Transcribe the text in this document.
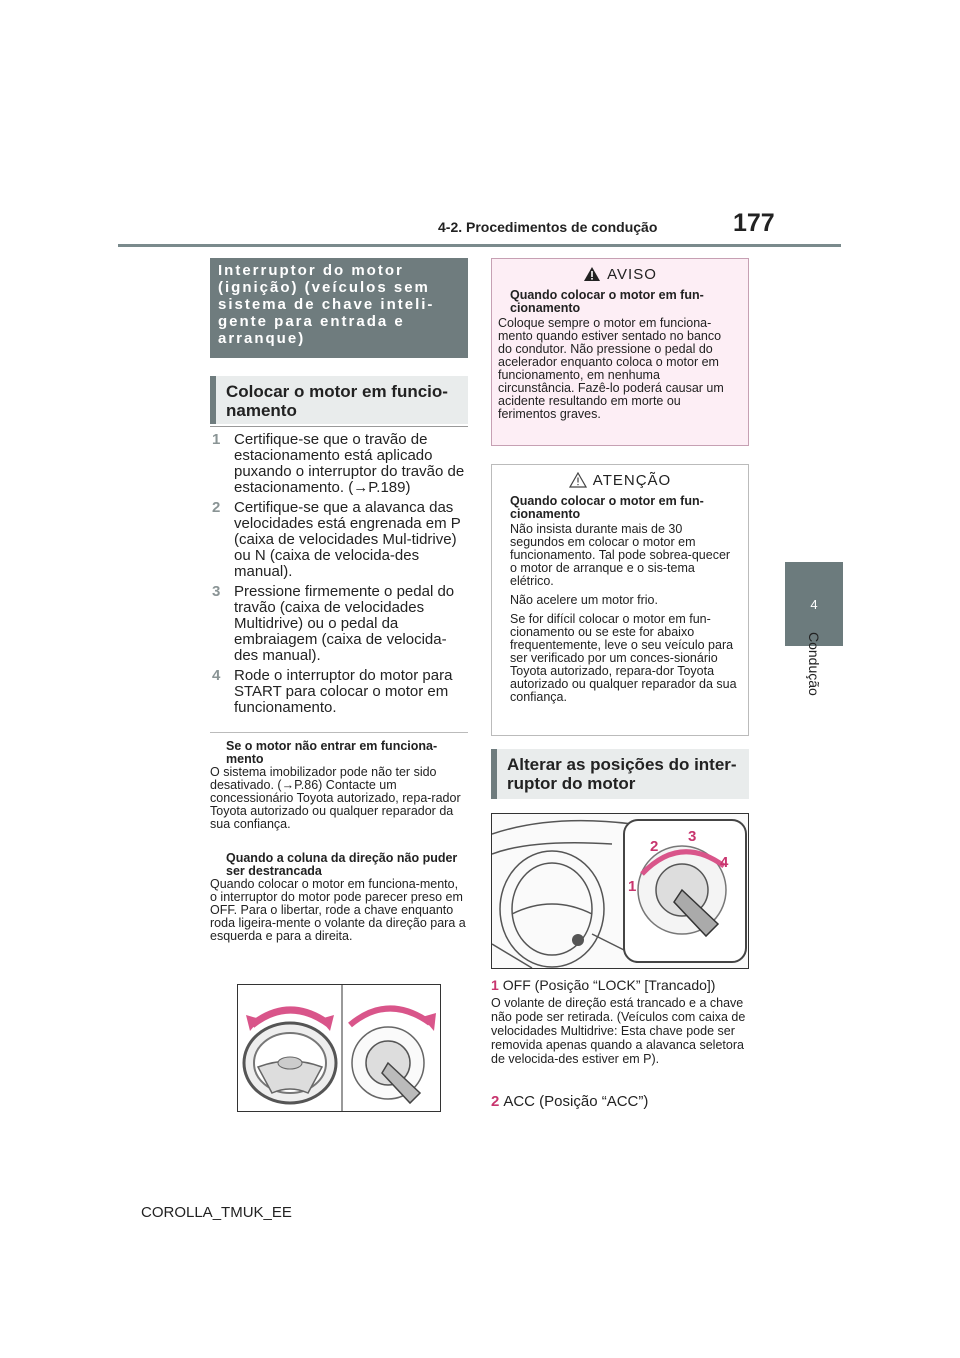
4-2. Procedimentos de condução	177
4
Condução
Interruptor do motor (ignição) (veículos sem sistema de chave inteli-gente para entrada e arranque)
Colocar o motor em funcio-namento
1 Certifique-se que o travão de estacionamento está aplicado puxando o interruptor do travão de estacionamento. (→P.189)
2 Certifique-se que a alavanca das velocidades está engrenada em P (caixa de velocidades Mul-tidrive) ou N (caixa de velocida-des manual).
3 Pressione firmemente o pedal do travão (caixa de velocidades Multidrive) ou o pedal da embraiagem (caixa de velocida-des manual).
4 Rode o interruptor do motor para START para colocar o motor em funcionamento.
Se o motor não entrar em funciona-mento
O sistema imobilizador pode não ter sido desativado. (→P.86) Contacte um concessionário Toyota autorizado, repa-rador Toyota autorizado ou qualquer reparador da sua confiança.
Quando a coluna da direção não puder ser destrancada
Quando colocar o motor em funciona-mento, o interruptor do motor pode parecer preso em OFF. Para o libertar, rode a chave enquanto roda ligeira-mente o volante da direção para a esquerda e para a direita.
AVISO
Quando colocar o motor em fun-cionamento

Coloque sempre o motor em funciona-mento quando estiver sentado no banco do condutor. Não pressione o pedal do acelerador enquanto coloca o motor em funcionamento, em nenhuma circunstância. Fazê-lo poderá causar um acidente resultando em morte ou ferimentos graves.

ATENÇÃO
Quando colocar o motor em fun-cionamento

Não insista durante mais de 30 segundos em colocar o motor em funcionamento. Tal pode sobrea-quecer o motor de arranque e o sis-tema elétrico.

Não acelere um motor frio.

Se for difícil colocar o motor em fun-cionamento ou se este for abaixo frequentemente, leve o seu veículo para ser verificado por um conces-sionário Toyota autorizado, repara-dor Toyota autorizado ou qualquer reparador da sua confiança.

Alterar as posições do inter-ruptor do motor
1
2
3
4
1 OFF (Posição “LOCK” [Trancado])
O volante de direção está trancado e a chave não pode ser retirada. (Veículos com caixa de velocidades Multidrive: Esta chave pode ser removida apenas quando a alavanca seletora de velocida-des estiver em P).
2 ACC (Posição “ACC”)
COROLLA_TMUK_EE
